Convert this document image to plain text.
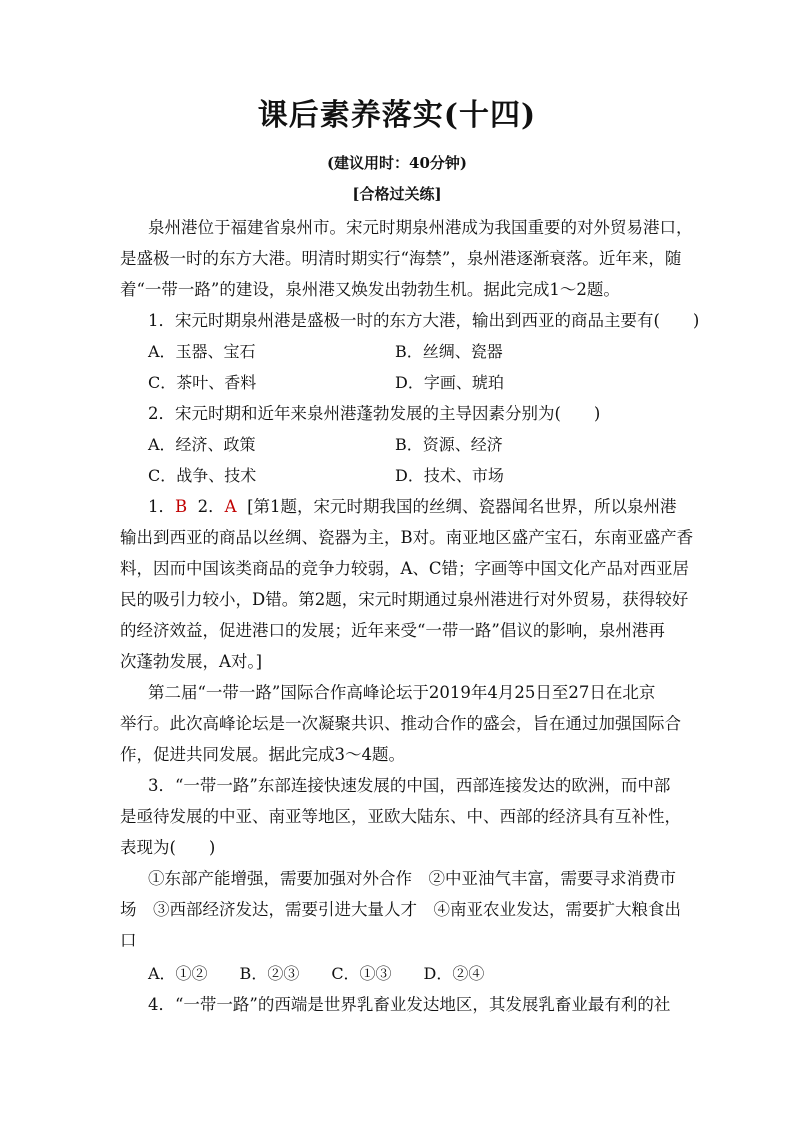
课后素养落实(十四)
(建议用时：40分钟)
[合格过关练]
泉州港位于福建省泉州市。宋元时期泉州港成为我国重要的对外贸易港口，
是盛极一时的东方大港。明清时期实行“海禁”，泉州港逐渐衰落。近年来，随
着“一带一路”的建设，泉州港又焕发出勃勃生机。据此完成1～2题。
1．宋元时期泉州港是盛极一时的东方大港，输出到西亚的商品主要有(　　)
A．玉器、宝石	B．丝绸、瓷器
C．茶叶、香料	D．字画、琥珀
2．宋元时期和近年来泉州港蓬勃发展的主导因素分别为(　　)
A．经济、政策	B．资源、经济
C．战争、技术	D．技术、市场
1．B 2．A [第1题，宋元时期我国的丝绸、瓷器闻名世界，所以泉州港
输出到西亚的商品以丝绸、瓷器为主，B对。南亚地区盛产宝石，东南亚盛产香
料，因而中国该类商品的竞争力较弱，A、C错；字画等中国文化产品对西亚居
民的吸引力较小，D错。第2题，宋元时期通过泉州港进行对外贸易，获得较好
的经济效益，促进港口的发展；近年来受“一带一路”倡议的影响，泉州港再
次蓬勃发展，A对。]
第二届“一带一路”国际合作高峰论坛于2019年4月25日至27日在北京
举行。此次高峰论坛是一次凝聚共识、推动合作的盛会，旨在通过加强国际合
作，促进共同发展。据此完成3～4题。
3．“一带一路”东部连接快速发展的中国，西部连接发达的欧洲，而中部
是亟待发展的中亚、南亚等地区，亚欧大陆东、中、西部的经济具有互补性，
表现为(　　)
①东部产能增强，需要加强对外合作　②中亚油气丰富，需要寻求消费市
场　③西部经济发达，需要引进大量人才　④南亚农业发达，需要扩大粮食出
口
A．①②　　B．②③　　C．①③　　D．②④
4．“一带一路”的西端是世界乳畜业发达地区，其发展乳畜业最有利的社
